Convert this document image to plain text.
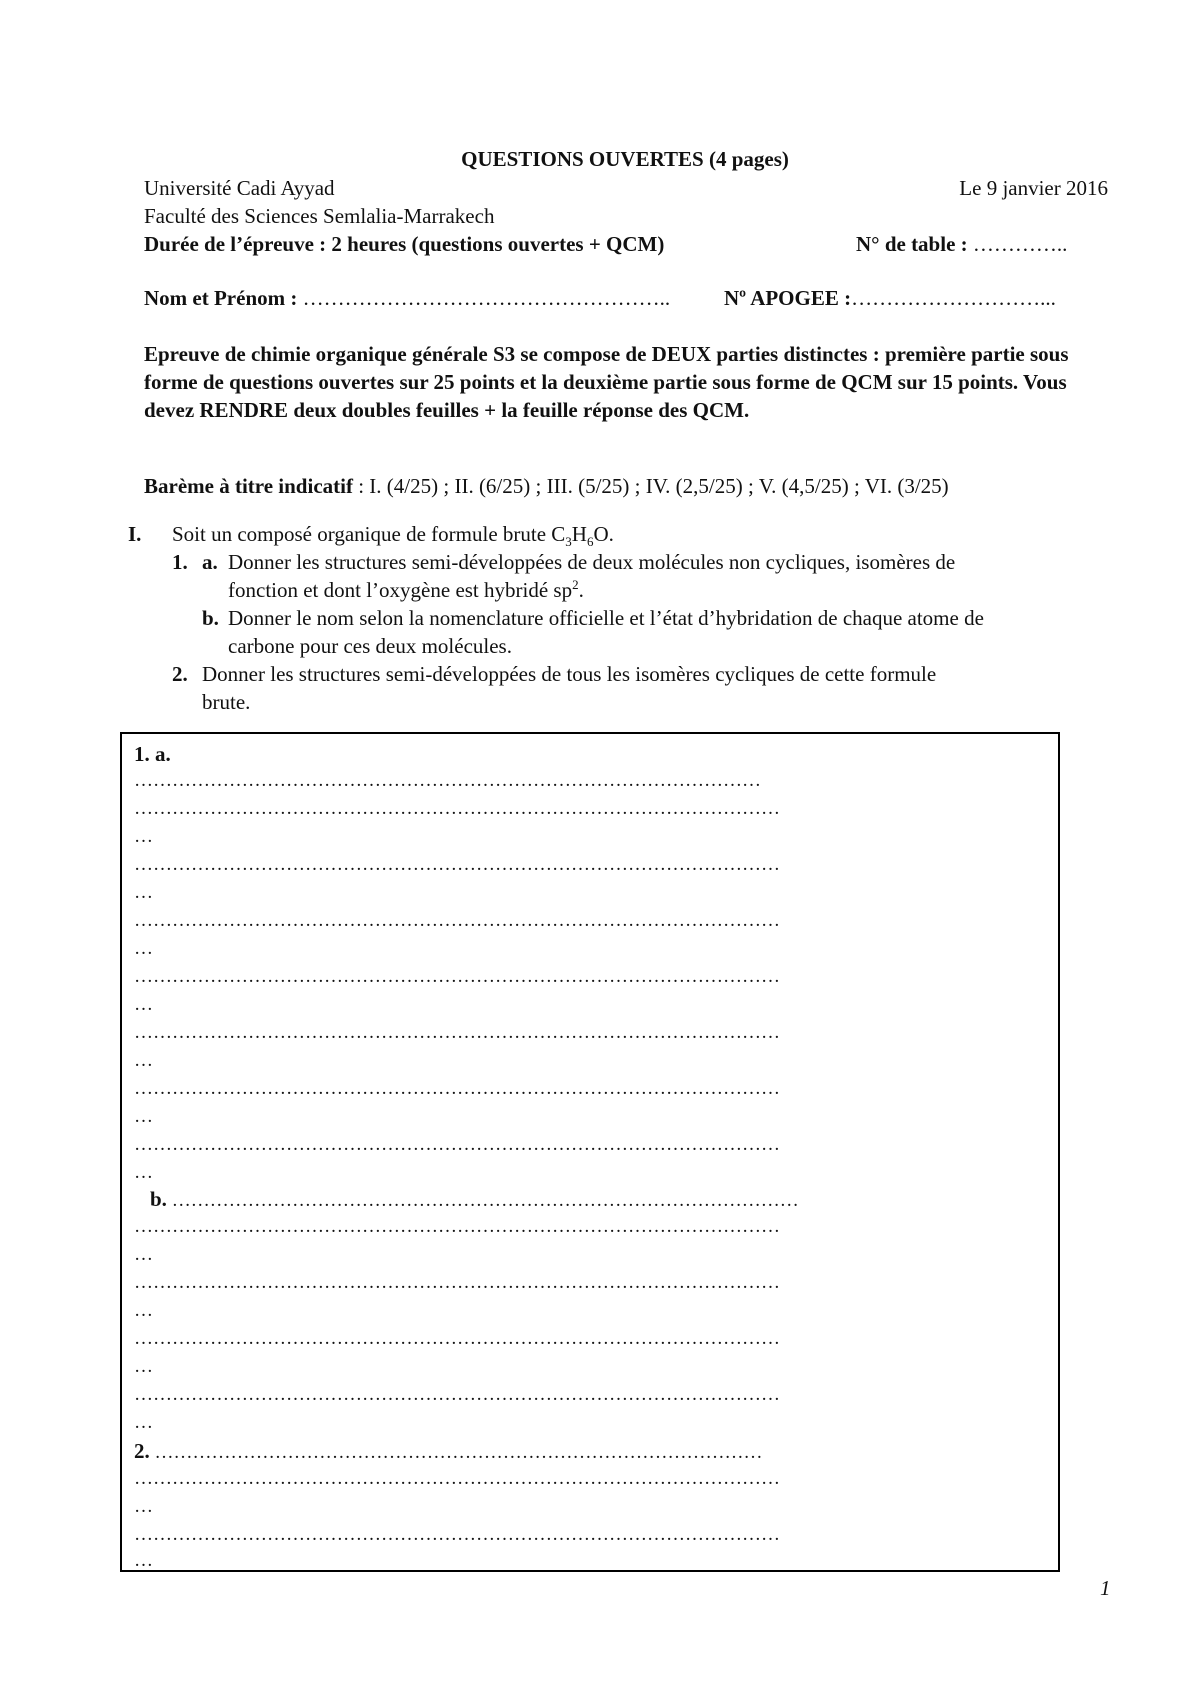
QUESTIONS OUVERTES (4 pages)
Université Cadi Ayyad	Le 9 janvier 2016
Faculté des Sciences Semlalia-Marrakech
Durée de l’épreuve : 2 heures (questions ouvertes + QCM)	N° de table : …………..
Nom et Prénom : ……………………………………………..	Nº APOGEE :………………………...
Epreuve de chimie organique générale S3 se compose de DEUX parties distinctes : première partie sous forme de questions ouvertes sur 25 points et la deuxième partie sous forme de QCM sur 15 points. Vous devez RENDRE deux doubles feuilles + la feuille réponse des QCM.
Barème à titre indicatif : I. (4/25) ; II. (6/25) ; III. (5/25) ; IV. (2,5/25) ; V. (4,5/25) ; VI. (3/25)
I. Soit un composé organique de formule brute $C_3H_6O$.
1. a. Donner les structures semi-développées de deux molécules non cycliques, isomères de
fonction et dont l’oxygène est hybridé $sp^2$.
b. Donner le nom selon la nomenclature officielle et l’état d’hybridation de chaque atome de
carbone pour ces deux molécules.
2. Donner les structures semi-développées de tous les isomères cycliques de cette formule
brute.
1. a.
………………………………………………………………………………………
…………………………………………………………………………………………
…
…………………………………………………………………………………………
…
…………………………………………………………………………………………
…
…………………………………………………………………………………………
…
…………………………………………………………………………………………
…
…………………………………………………………………………………………
…
…………………………………………………………………………………………
…
b. ………………………………………………………………………………………
…………………………………………………………………………………………
…
…………………………………………………………………………………………
…
…………………………………………………………………………………………
…
…………………………………………………………………………………………
…
2. ……………………………………………………………………………………
…………………………………………………………………………………………
…
…………………………………………………………………………………………
…
1
